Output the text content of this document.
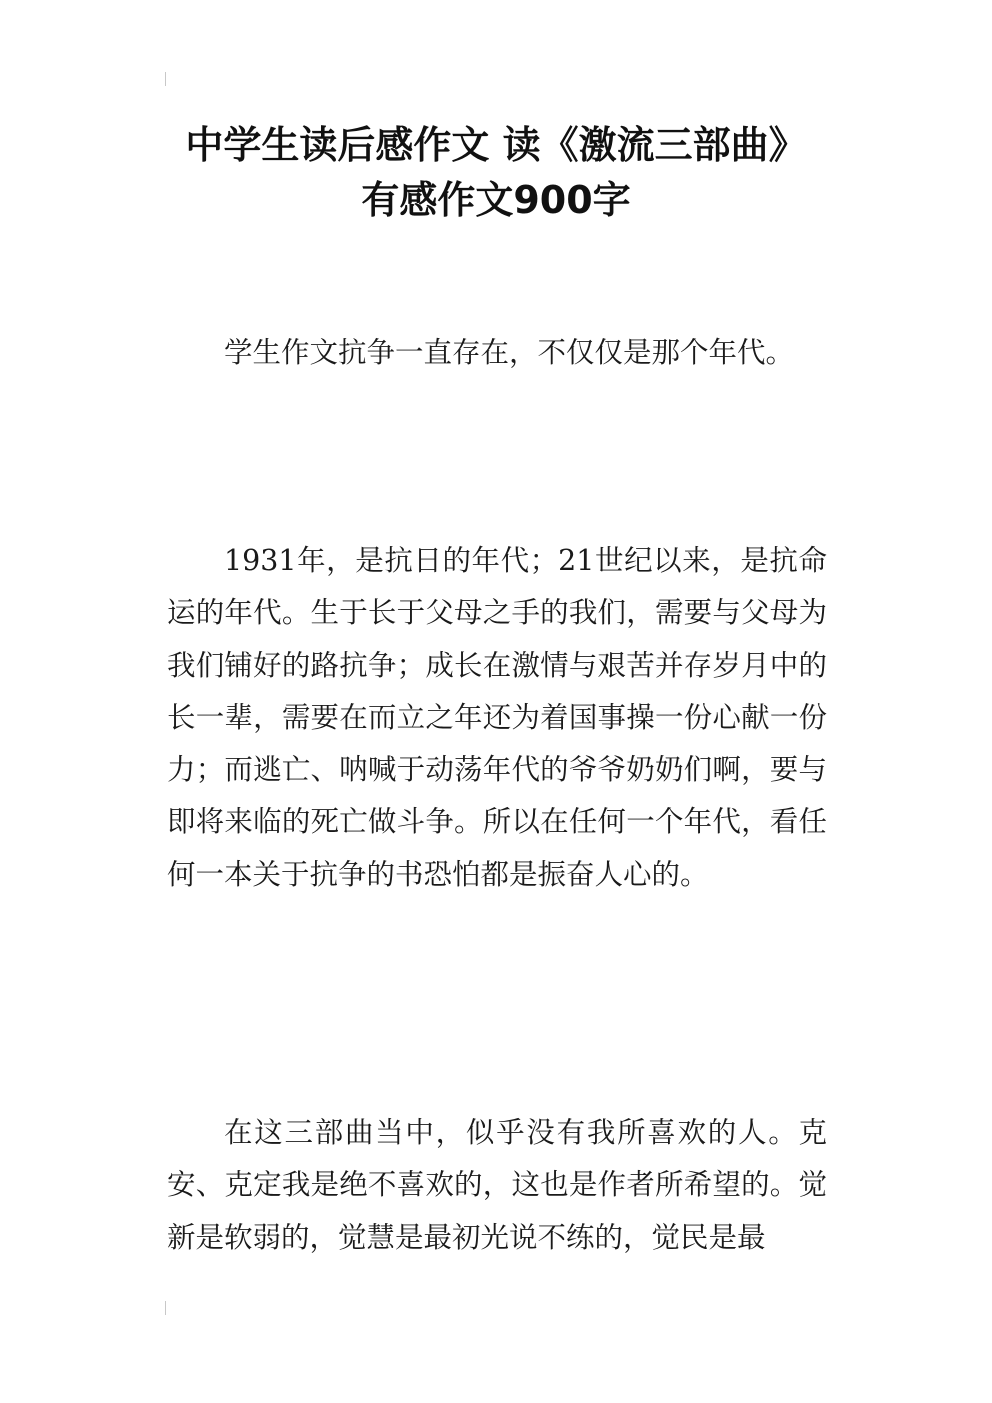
中学生读后感作文 读《激流三部曲》
有感作文900字

学生作文抗争一直存在，不仅仅是那个年代。

1931年，是抗日的年代；21世纪以来，是抗命运的年代。生于长于父母之手的我们，需要与父母为我们铺好的路抗争；成长在激情与艰苦并存岁月中的长一辈，需要在而立之年还为着国事操一份心献一份力；而逃亡、呐喊于动荡年代的爷爷奶奶们啊，要与即将来临的死亡做斗争。所以在任何一个年代，看任何一本关于抗争的书恐怕都是振奋人心的。

在这三部曲当中，似乎没有我所喜欢的人。克安、克定我是绝不喜欢的，这也是作者所希望的。觉新是软弱的，觉慧是最初光说不练的，觉民是最
